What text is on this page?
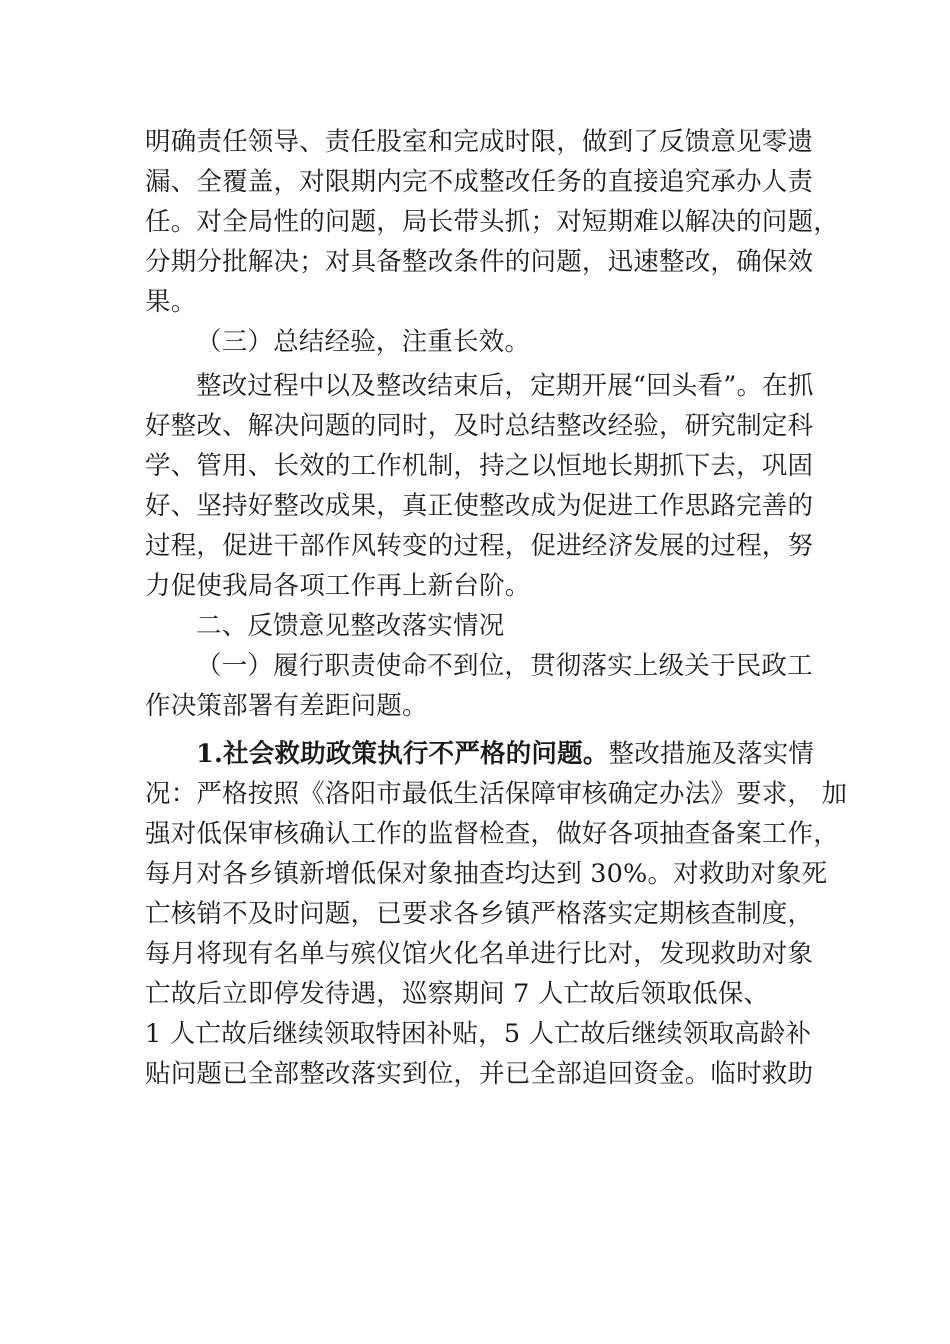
明确责任领导、责任股室和完成时限，做到了反馈意见零遗
漏、全覆盖，对限期内完不成整改任务的直接追究承办人责
任。对全局性的问题，局长带头抓；对短期难以解决的问题，
分期分批解决；对具备整改条件的问题，迅速整改，确保效
果。
（三）总结经验，注重长效。
整改过程中以及整改结束后，定期开展“回头看”。在抓
好整改、解决问题的同时，及时总结整改经验，研究制定科
学、管用、长效的工作机制，持之以恒地长期抓下去，巩固
好、坚持好整改成果，真正使整改成为促进工作思路完善的
过程，促进干部作风转变的过程，促进经济发展的过程，努
力促使我局各项工作再上新台阶。
二、反馈意见整改落实情况
（一）履行职责使命不到位，贯彻落实上级关于民政工
作决策部署有差距问题。
1.社会救助政策执行不严格的问题。整改措施及落实情
况：严格按照《洛阳市最低生活保障审核确定办法》要求， 加
强对低保审核确认工作的监督检查，做好各项抽查备案工作，
每月对各乡镇新增低保对象抽查均达到 30%。对救助对象死
亡核销不及时问题，已要求各乡镇严格落实定期核查制度，
每月将现有名单与殡仪馆火化名单进行比对，发现救助对象
亡故后立即停发待遇，巡察期间 7 人亡故后领取低保、
1 人亡故后继续领取特困补贴，5 人亡故后继续领取高龄补
贴问题已全部整改落实到位，并已全部追回资金。临时救助
